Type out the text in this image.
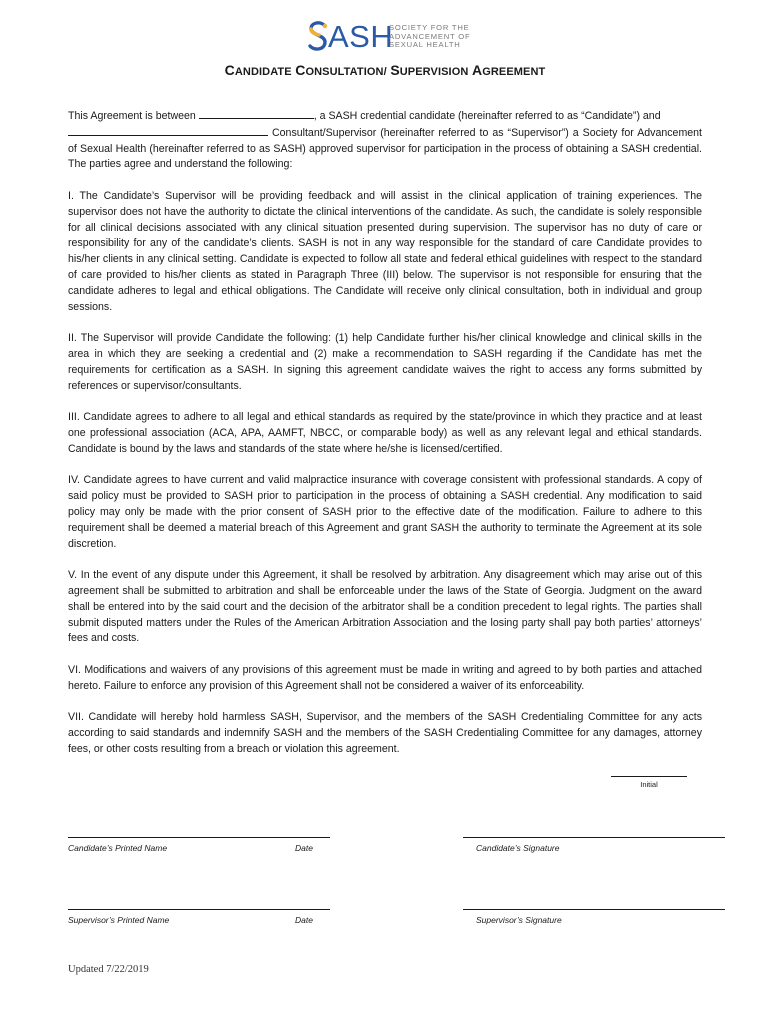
ASH
SOCIETY FOR THE
ADVANCEMENT OF
SEXUAL HEALTH
CANDIDATE CONSULTATION/ SUPERVISION AGREEMENT

This Agreement is between	, a SASH credential candidate (hereinafter referred to as “Candidate”) and
Consultant/Supervisor (hereinafter referred to as “Supervisor”) a Society for Advancement of Sexual Health (hereinafter referred to as SASH) approved supervisor for participation in the process of obtaining a SASH credential. The parties agree and understand the following:

I. The Candidate’s Supervisor will be providing feedback and will assist in the clinical application of training experiences. The supervisor does not have the authority to dictate the clinical interventions of the candidate. As such, the candidate is solely responsible for all clinical decisions associated with any clinical situation presented during supervision. The supervisor has no duty of care or responsibility for any of the candidate’s clients. SASH is not in any way responsible for the standard of care Candidate provides to his/her clients in any clinical setting. Candidate is expected to follow all state and federal ethical guidelines with respect to the standard of care provided to his/her clients as stated in Paragraph Three (III) below. The supervisor is not responsible for ensuring that the candidate adheres to legal and ethical obligations. The Candidate will receive only clinical consultation, both in individual and group sessions.

II. The Supervisor will provide Candidate the following: (1) help Candidate further his/her clinical knowledge and clinical skills in the area in which they are seeking a credential and (2) make a recommendation to SASH regarding if the Candidate has met the requirements for certification as a SASH. In signing this agreement candidate waives the right to access any forms submitted by references or supervisor/consultants.

III. Candidate agrees to adhere to all legal and ethical standards as required by the state/province in which they practice and at least one professional association (ACA, APA, AAMFT, NBCC, or comparable body) as well as any relevant legal and ethical standards. Candidate is bound by the laws and standards of the state where he/she is licensed/certified.

IV. Candidate agrees to have current and valid malpractice insurance with coverage consistent with professional standards. A copy of said policy must be provided to SASH prior to participation in the process of obtaining a SASH credential. Any modification to said policy may only be made with the prior consent of SASH prior to the effective date of the modification. Failure to adhere to this requirement shall be deemed a material breach of this Agreement and grant SASH the authority to terminate the Agreement at its sole discretion.

V. In the event of any dispute under this Agreement, it shall be resolved by arbitration. Any disagreement which may arise out of this agreement shall be submitted to arbitration and shall be enforceable under the laws of the State of Georgia. Judgment on the award shall be entered into by the said court and the decision of the arbitrator shall be a condition precedent to legal rights. The parties shall submit disputed matters under the Rules of the American Arbitration Association and the losing party shall pay both parties’ attorneys’ fees and costs.

VI. Modifications and waivers of any provisions of this agreement must be made in writing and agreed to by both parties and attached hereto. Failure to enforce any provision of this Agreement shall not be considered a waiver of its enforceability.

VII. Candidate will hereby hold harmless SASH, Supervisor, and the members of the SASH Credentialing Committee for any acts according to said standards and indemnify SASH and the members of the SASH Credentialing Committee for any damages, attorney fees, or other costs resulting from a breach or violation this agreement.

Initial
Candidate’s Printed Name	Date	Candidate’s Signature
Supervisor’s Printed Name	Date	Supervisor’s Signature
Updated 7/22/2019
